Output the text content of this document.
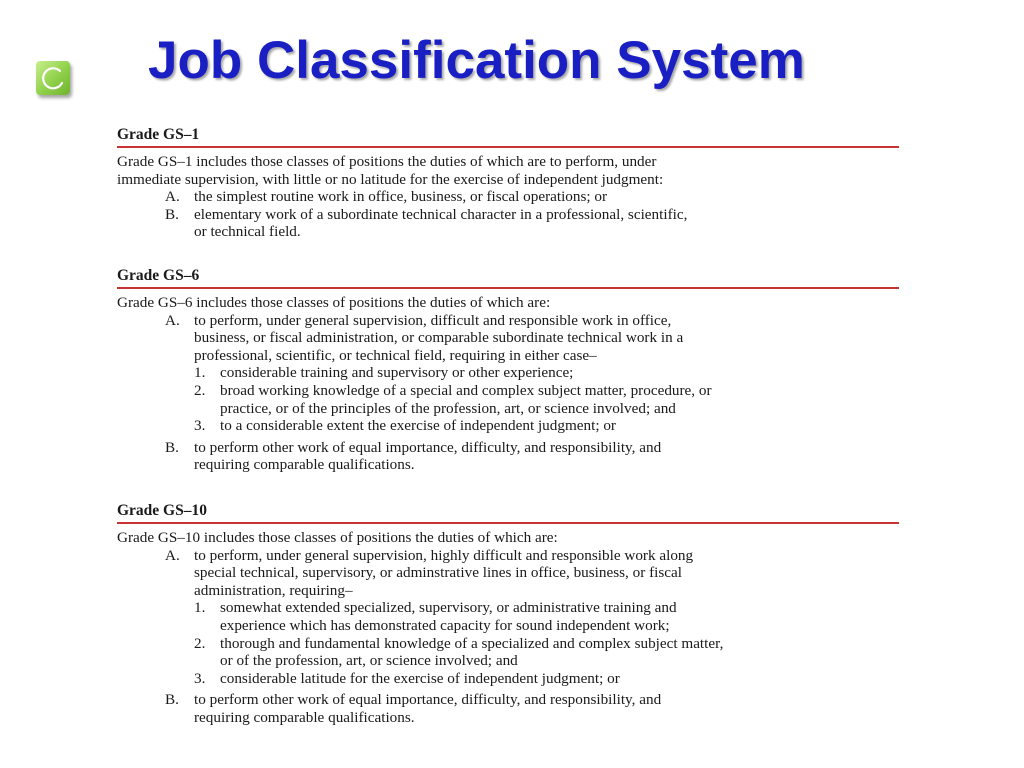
Job Classification System
Grade GS–1
Grade GS–1 includes those classes of positions the duties of which are to perform, under
immediate supervision, with little or no latitude for the exercise of independent judgment:
A. the simplest routine work in office, business, or fiscal operations; or
B. elementary work of a subordinate technical character in a professional, scientific,
or technical field.
Grade GS–6
Grade GS–6 includes those classes of positions the duties of which are:
A. to perform, under general supervision, difficult and responsible work in office,
business, or fiscal administration, or comparable subordinate technical work in a
professional, scientific, or technical field, requiring in either case–
1. considerable training and supervisory or other experience;
2. broad working knowledge of a special and complex subject matter, procedure, or
practice, or of the principles of the profession, art, or science involved; and
3. to a considerable extent the exercise of independent judgment; or
B. to perform other work of equal importance, difficulty, and responsibility, and
requiring comparable qualifications.
Grade GS–10
Grade GS–10 includes those classes of positions the duties of which are:
A. to perform, under general supervision, highly difficult and responsible work along
special technical, supervisory, or adminstrative lines in office, business, or fiscal
administration, requiring–
1. somewhat extended specialized, supervisory, or administrative training and
experience which has demonstrated capacity for sound independent work;
2. thorough and fundamental knowledge of a specialized and complex subject matter,
or of the profession, art, or science involved; and
3. considerable latitude for the exercise of independent judgment; or
B. to perform other work of equal importance, difficulty, and responsibility, and
requiring comparable qualifications.
